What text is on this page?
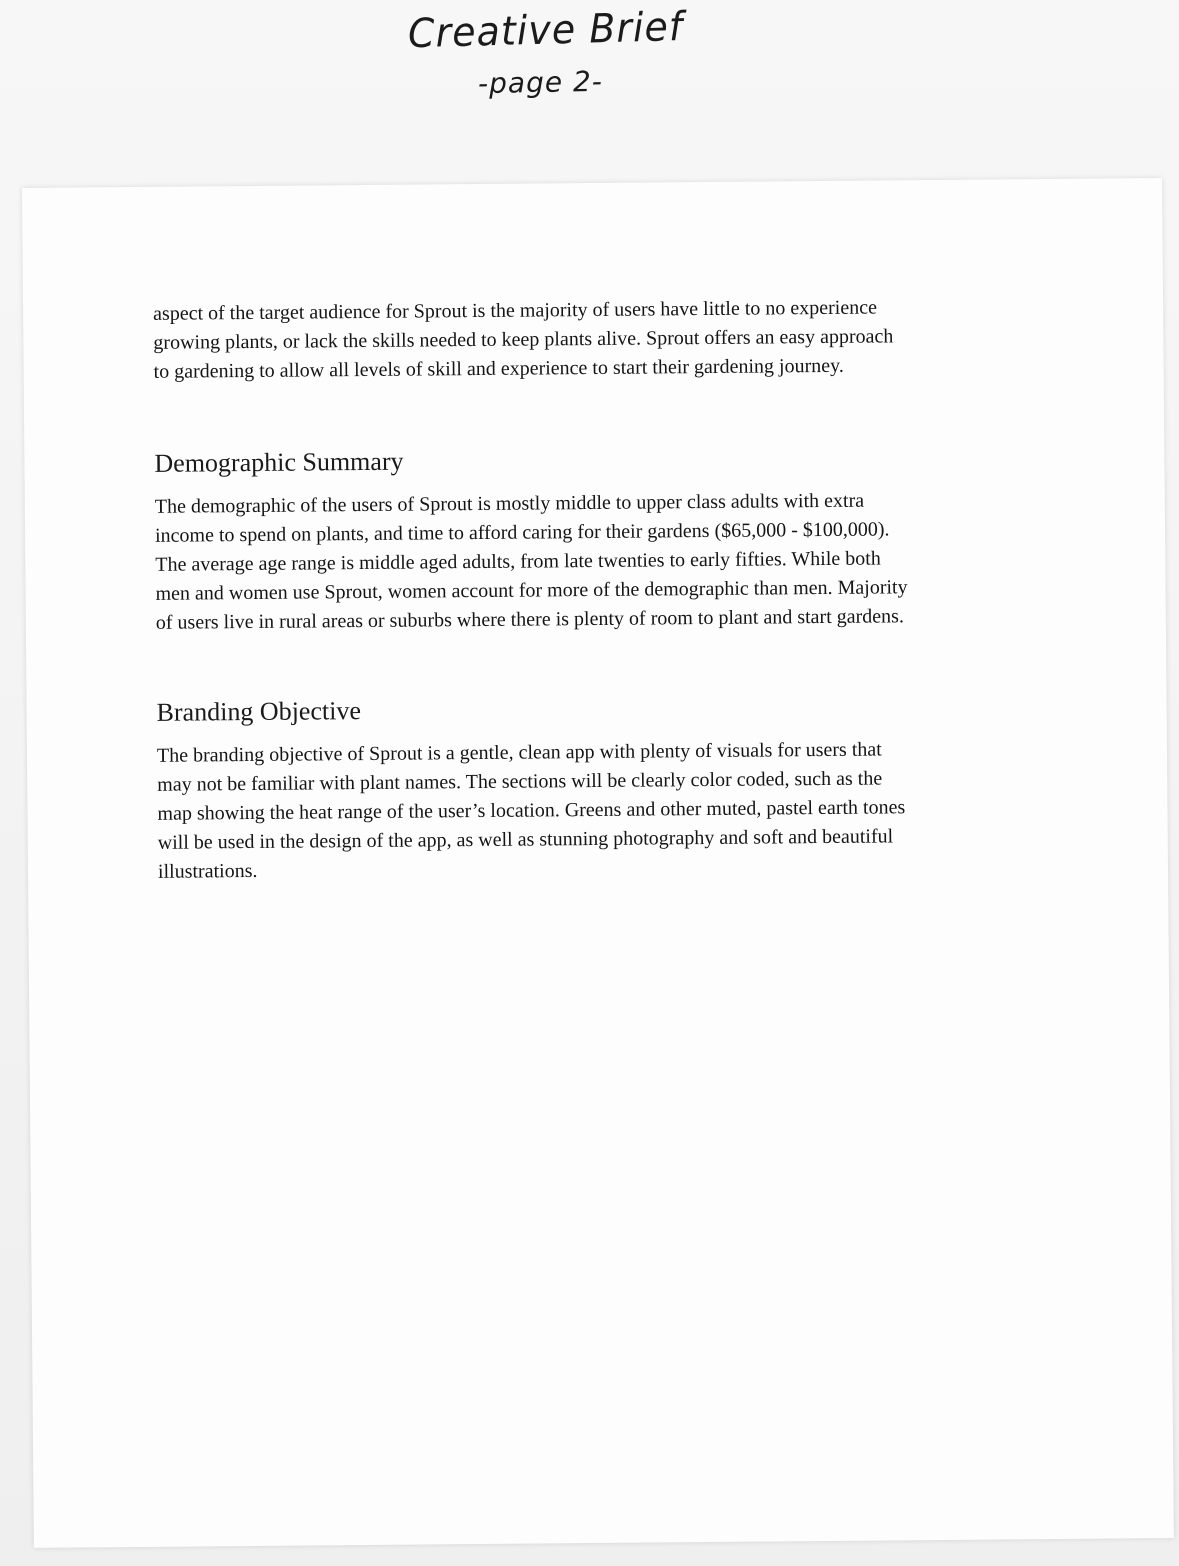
Creative Brief
-page 2-

aspect of the target audience for Sprout is the majority of users have little to no experience growing plants, or lack the skills needed to keep plants alive. Sprout offers an easy approach to gardening to allow all levels of skill and experience to start their gardening journey.

Demographic Summary

The demographic of the users of Sprout is mostly middle to upper class adults with extra income to spend on plants, and time to afford caring for their gardens ($65,000 - $100,000). The average age range is middle aged adults, from late twenties to early fifties. While both men and women use Sprout, women account for more of the demographic than men. Majority of users live in rural areas or suburbs where there is plenty of room to plant and start gardens.

Branding Objective

The branding objective of Sprout is a gentle, clean app with plenty of visuals for users that may not be familiar with plant names. The sections will be clearly color coded, such as the map showing the heat range of the user’s location. Greens and other muted, pastel earth tones will be used in the design of the app, as well as stunning photography and soft and beautiful illustrations.
